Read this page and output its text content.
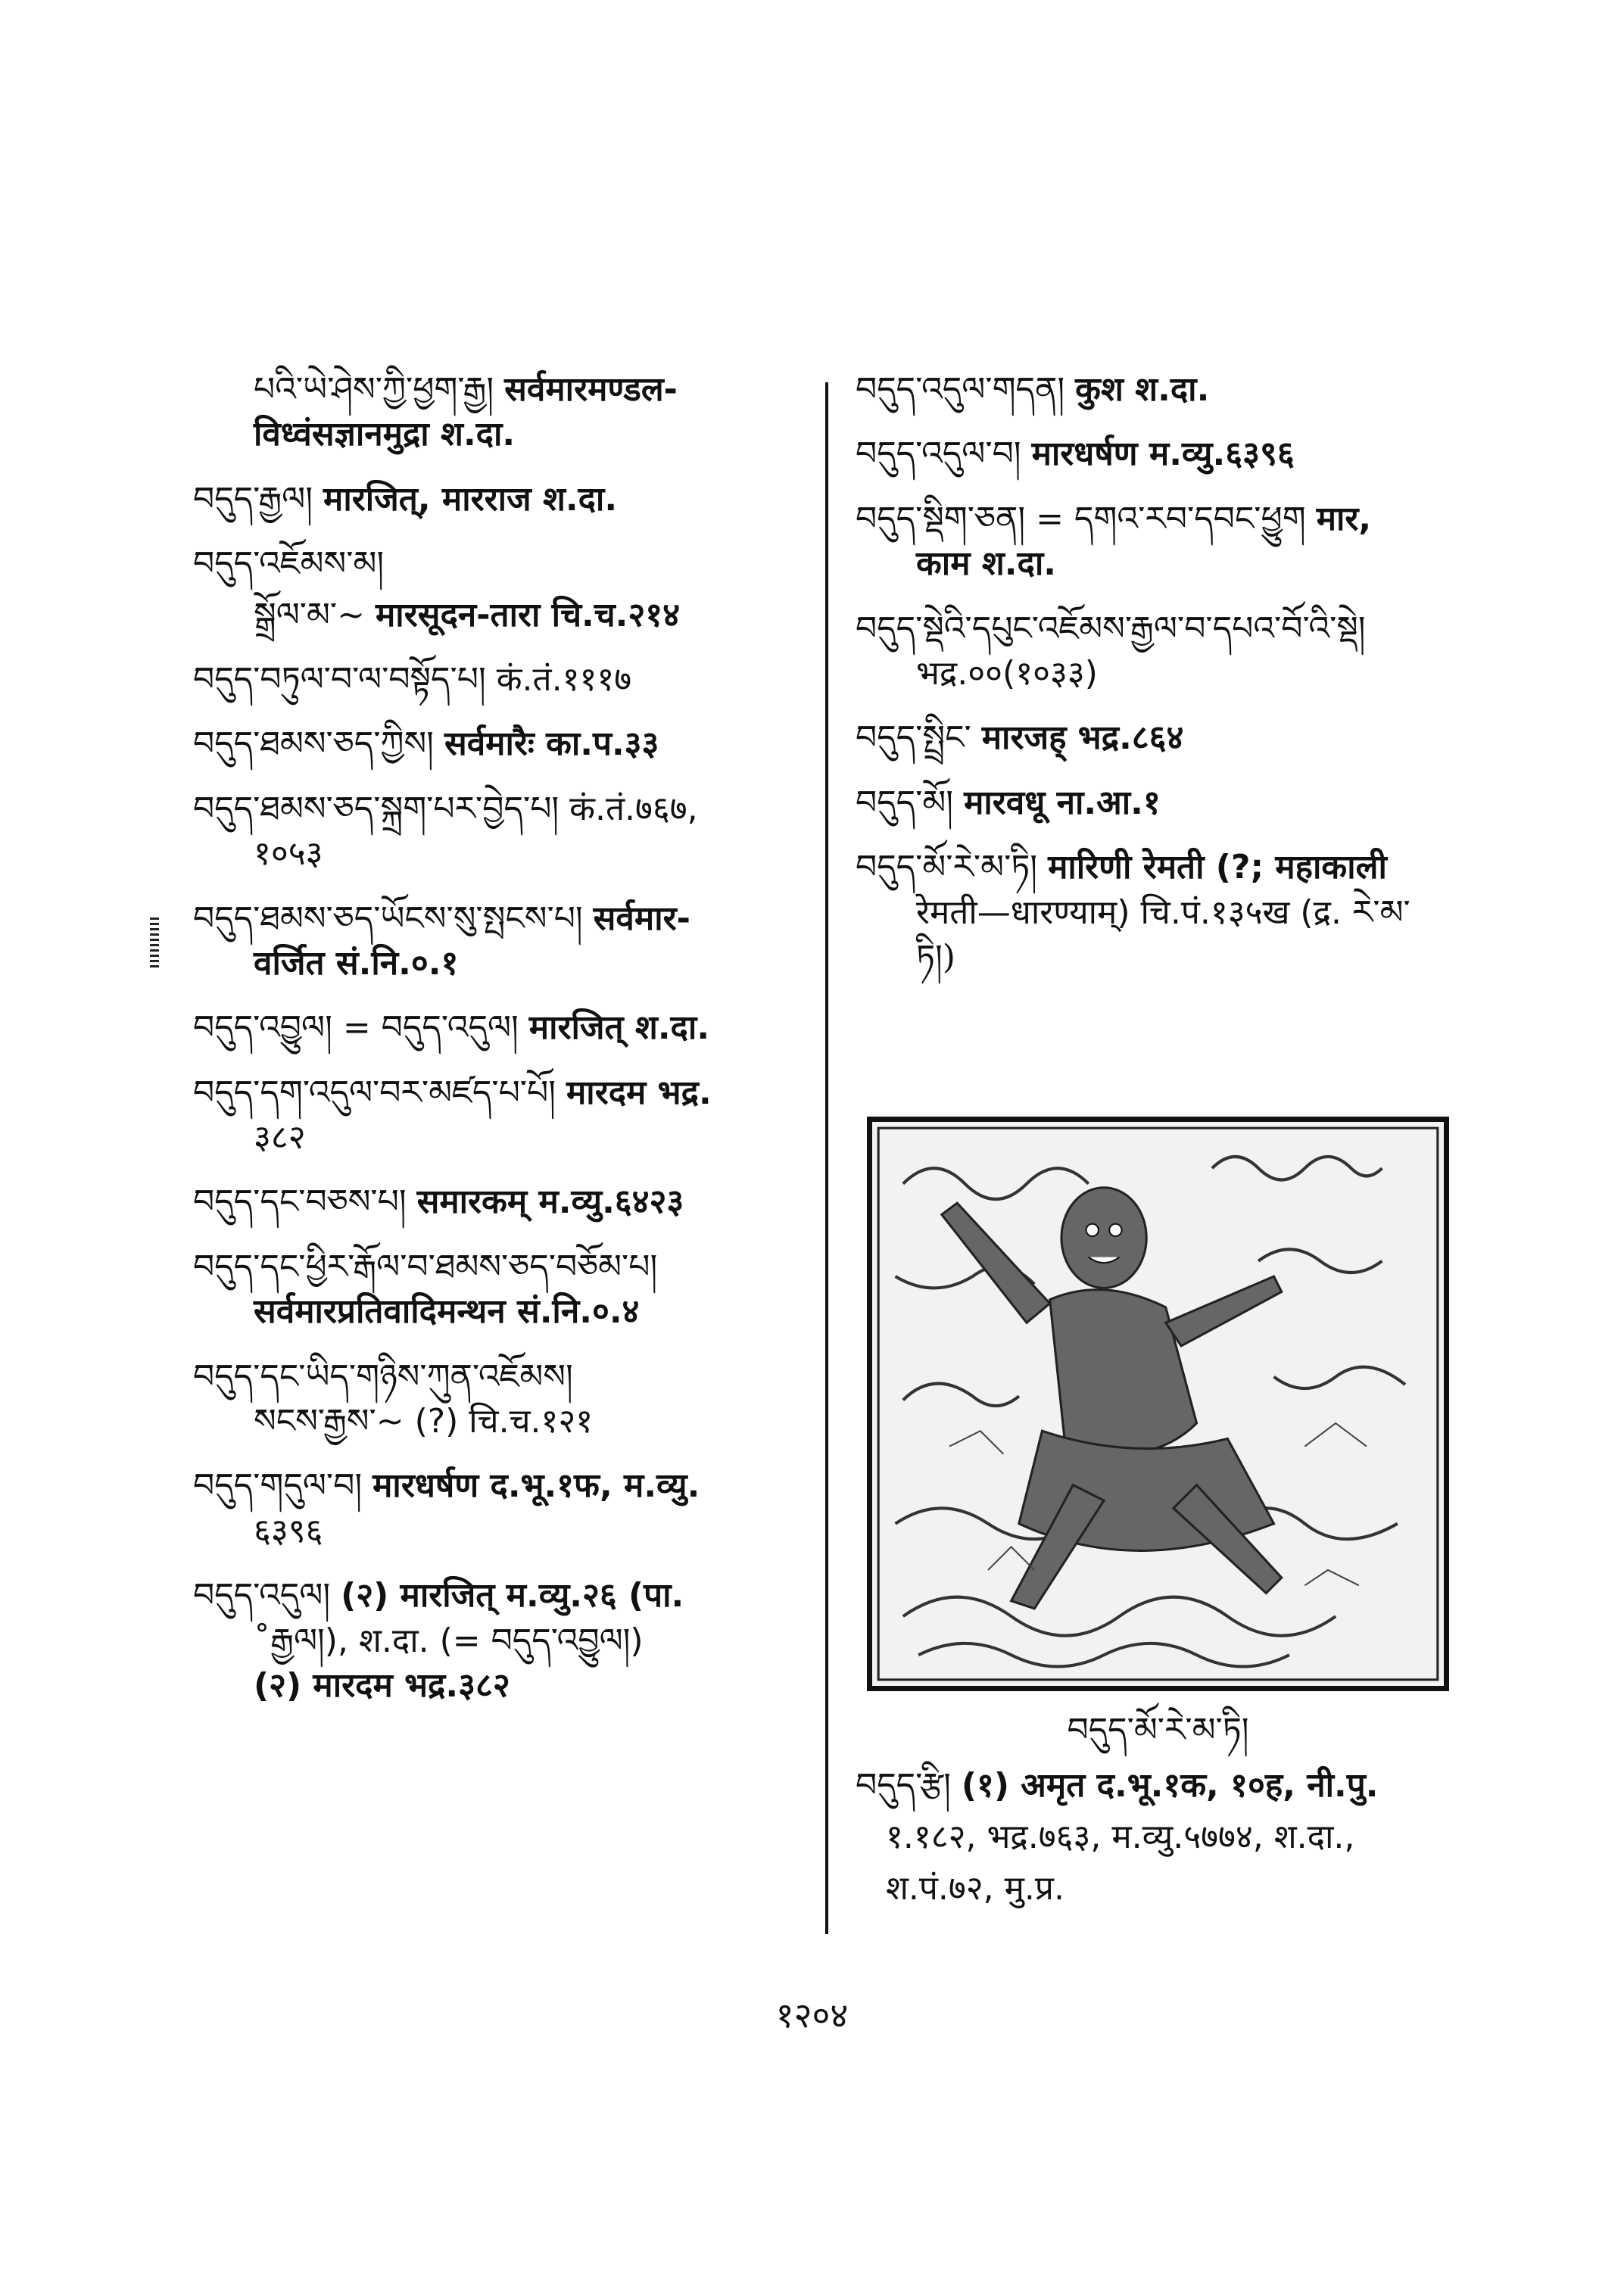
པའི་ཡེ་ཤེས་ཀྱི་ཕྱག་རྒྱ། सर्वमारमण्डल-
विध्वंसज्ञानमुद्रा श.दा.
བདུད་རྒྱལ། मारजित्, मारराज श.दा.
བདུད་འཇོམས་མ།
སྒྲོལ་མ་~ मारसूदन-तारा चि.च.२१४
བདུད་བཏུལ་བ་ལ་བསྟོད་པ། कं.तं.१११७
བདུད་ཐམས་ཅད་ཀྱིས། सर्वमारैः का.प.३३
བདུད་ཐམས་ཅད་སྐྲག་པར་བྱེད་པ། कं.तं.७६७,
१०५३
བདུད་ཐམས་ཅད་ཡོངས་སུ་སྤངས་པ། सर्वमार-
वर्जित सं.नि.०.१
བདུད་འབྱུལ། = བདུད་འདུལ། मारजित् श.दा.
བདུད་དག་འདུལ་བར་མཛད་པ་པོ། मारदम भद्र.
३८२
བདུད་དང་བཅས་པ། समारकम् म.व्यु.६४२३
བདུད་དང་ཕྱིར་རྒོལ་བ་ཐམས་ཅད་བཅོམ་པ།
सर्वमारप्रतिवादिमन्थन सं.नि.०.४
བདུད་དང་ཡིད་གཉིས་ཀུན་འཇོམས།
སངས་རྒྱས་~ (?) चि.च.१२१
བདུད་གདུལ་བ། मारधर्षण द.भू.१फ, म.व्यु.
६३९६
བདུད་འདུལ། (२) मारजित् म.व्यु.२६ (पा.
˚རྒྱལ།), श.दा. (= བདུད་འབྱུལ།)
(२) मारदम भद्र.३८२
བདུད་འདུལ་གདན། कुश श.दा.
བདུད་འདུལ་བ། मारधर्षण म.व्यु.६३९६
བདུད་སྡིག་ཅན། = དགའ་རབ་དབང་ཕྱུག मार,
काम श.दा.
བདུད་སྡེའི་དཔུང་འཇོམས་རྒྱལ་བ་དཔའ་བོ་འི་སྡེ།
भद्र.००(१०३३)
བདུད་སྤྲིང་ मारजह् भद्र.८६४
བདུད་མོ། मारवधू ना.आ.१
བདུད་མོ་རེ་མ་ཏི། मारिणी रेमती (?; महाकाली
रेमती—धारण्याम्) चि.पं.१३५ख (द्र. རེ་མ་
ཏི།)
བདུད་མོ་རེ་མ་ཏི།
བདུད་རྩི། (१) अमृत द.भू.१क, १०ह, नी.पु.
१.१८२, भद्र.७६३, म.व्यु.५७७४, श.दा.,
श.पं.७२, मु.प्र.
१२०४
